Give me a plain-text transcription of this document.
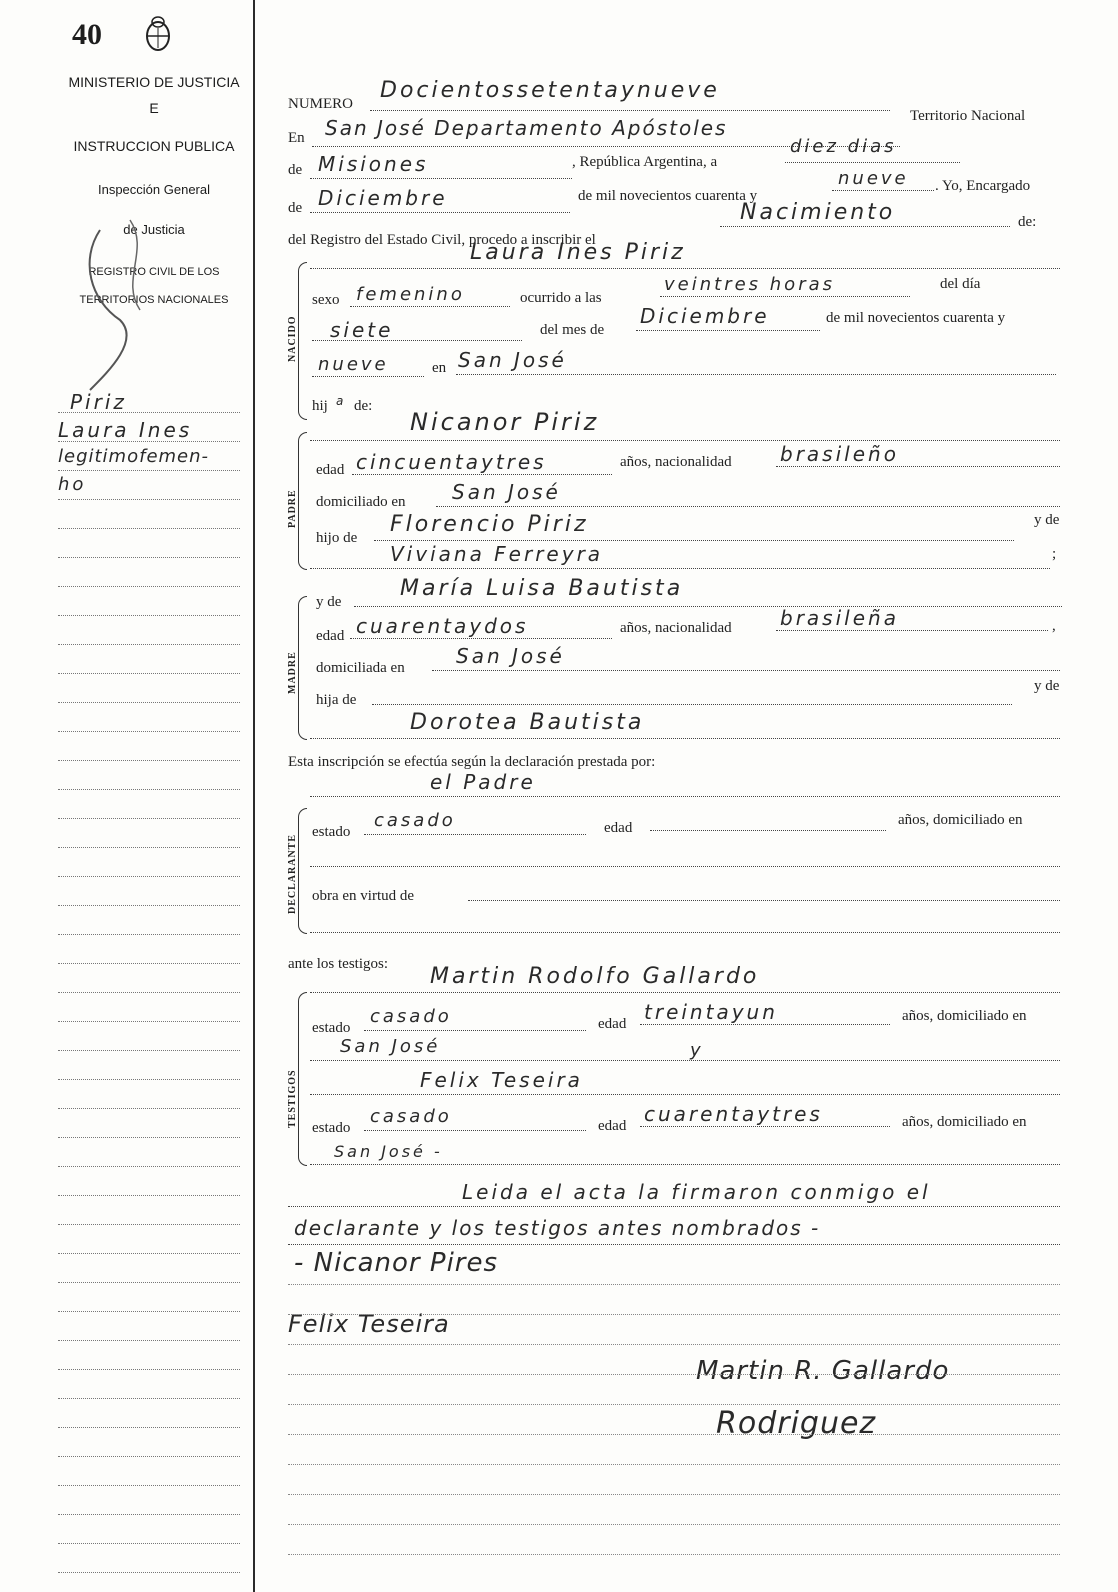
40
MINISTERIO DE JUSTICIA
E
INSTRUCCION PUBLICA
Inspección General
de Justicia
REGISTRO CIVIL DE LOS
TERRITORIOS NACIONALES
Piriz
Laura Ines
legitimofemen-
ho
NUMERO
Docientossetentaynueve
En San José Departamento Apóstoles	Territorio Nacional
de Misiones	, República Argentina, a
diez dias
de Diciembre	de mil novecientos cuarenta y
nueve . Yo, Encargado
del Registro del Estado Civil, procedo a inscribir el
Nacimiento	de:
NACIDO
Laura Ines Piriz
sexo femenino	ocurrido a las
veintres horas	del día
siete	del mes de
Diciembre	de mil novecientos cuarenta y
nueve	en San José
hij a de:
PADRE
Nicanor Piriz
edad cincuentaytres	años, nacionalidad brasileño
domiciliado en San José
hijo de
Florencio Piriz	y de
Viviana Ferreyra	;
MADRE
y de
María Luisa Bautista
edad cuarentaydos	años, nacionalidad brasileña	,
domiciliada en	San José
hija de
y de
Dorotea Bautista
Esta inscripción se efectúa según la declaración prestada por:
el Padre
DECLARANTE
estado
casado	edad	años, domiciliado en
obra en virtud de
ante los testigos:
TESTIGOS
Martin Rodolfo Gallardo
estado
casado	edad treintayun	años, domiciliado en
San José	y
Felix Teseira
estado
casado	edad cuarentaytres	años, domiciliado en
San José -
Leida el acta la firmaron conmigo el
declarante y los testigos antes nombrados -
- Nicanor Pires
Felix Teseira
Martin R. Gallardo
Rodriguez
